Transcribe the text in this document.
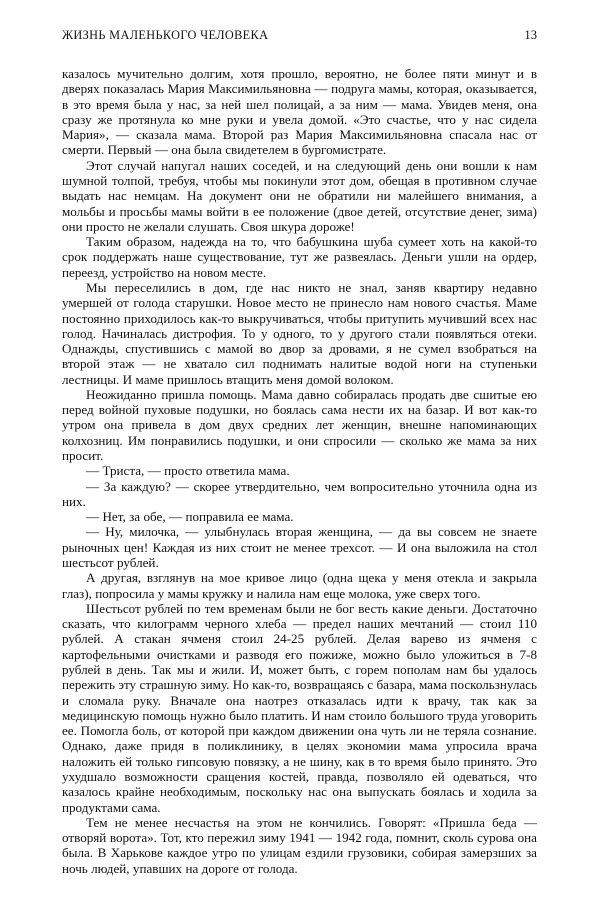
ЖИЗНЬ МАЛЕНЬКОГО ЧЕЛОВЕКА	13

казалось мучительно долгим, хотя прошло, вероятно, не более пяти минут и в дверях показалась Мария Максимильяновна — подруга мамы, которая, оказывается, в это время была у нас, за ней шел полицай, а за ним — мама. Увидев меня, она сразу же протянула ко мне руки и увела домой. «Это счастье, что у нас сидела Мария», — сказала мама. Второй раз Мария Максимильяновна спасала нас от смерти. Первый — она была свидетелем в бургомистрате.

Этот случай напугал наших соседей, и на следующий день они вошли к нам шумной толпой, требуя, чтобы мы покинули этот дом, обещая в противном случае выдать нас немцам. На документ они не обратили ни малейшего внимания, а мольбы и просьбы мамы войти в ее положение (двое детей, отсутствие денег, зима) они просто не желали слушать. Своя шкура дороже!

Таким образом, надежда на то, что бабушкина шуба сумеет хоть на какой-то срок поддержать наше существование, тут же развеялась. Деньги ушли на ордер, переезд, устройство на новом месте.

Мы переселились в дом, где нас никто не знал, заняв квартиру недавно умершей от голода старушки. Новое место не принесло нам нового счастья. Маме постоянно приходилось как-то выкручиваться, чтобы притупить мучивший всех нас голод. Начиналась дистрофия. То у одного, то у другого стали появляться отеки. Однажды, спустившись с мамой во двор за дровами, я не сумел взобраться на второй этаж — не хватало сил поднимать налитые водой ноги на ступеньки лестницы. И маме пришлось втащить меня домой волоком.

Неожиданно пришла помощь. Мама давно собиралась продать две сшитые ею перед войной пуховые подушки, но боялась сама нести их на базар. И вот как-то утром она привела в дом двух средних лет женщин, внешне напоминающих колхозниц. Им понравились подушки, и они спросили — сколько же мама за них просит.

— Триста, — просто ответила мама.

— За каждую? — скорее утвердительно, чем вопросительно уточнила одна из них.

— Нет, за обе, — поправила ее мама.

— Ну, милочка, — улыбнулась вторая женщина, — да вы совсем не знаете рыночных цен! Каждая из них стоит не менее трехсот. — И она выложила на стол шестьсот рублей.

А другая, взглянув на мое кривое лицо (одна щека у меня отекла и закрыла глаз), попросила у мамы кружку и налила нам еще молока, уже сверх того.

Шестьсот рублей по тем временам были не бог весть какие деньги. Достаточно сказать, что килограмм черного хлеба — предел наших мечтаний — стоил 110 рублей. А стакан ячменя стоил 24-25 рублей. Делая варево из ячменя с картофельными очистками и разводя его пожиже, можно было уложиться в 7-8 рублей в день. Так мы и жили. И, может быть, с горем пополам нам бы удалось пережить эту страшную зиму. Но как-то, возвращаясь с базара, мама поскользнулась и сломала руку. Вначале она наотрез отказалась идти к врачу, так как за медицинскую помощь нужно было платить. И нам стоило большого труда уговорить ее. Помогла боль, от которой при каждом движении она чуть ли не теряла сознание. Однако, даже придя в поликлинику, в целях экономии мама упросила врача наложить ей только гипсовую повязку, а не шину, как в то время было принято. Это ухудшало возможности сращения костей, правда, позволяло ей одеваться, что казалось крайне необходимым, поскольку нас она выпускать боялась и ходила за продуктами сама.

Тем не менее несчастья на этом не кончились. Говорят: «Пришла беда — отворяй ворота». Тот, кто пережил зиму 1941 — 1942 года, помнит, сколь сурова она была. В Харькове каждое утро по улицам ездили грузовики, собирая замерзших за ночь людей, упавших на дороге от голода.
